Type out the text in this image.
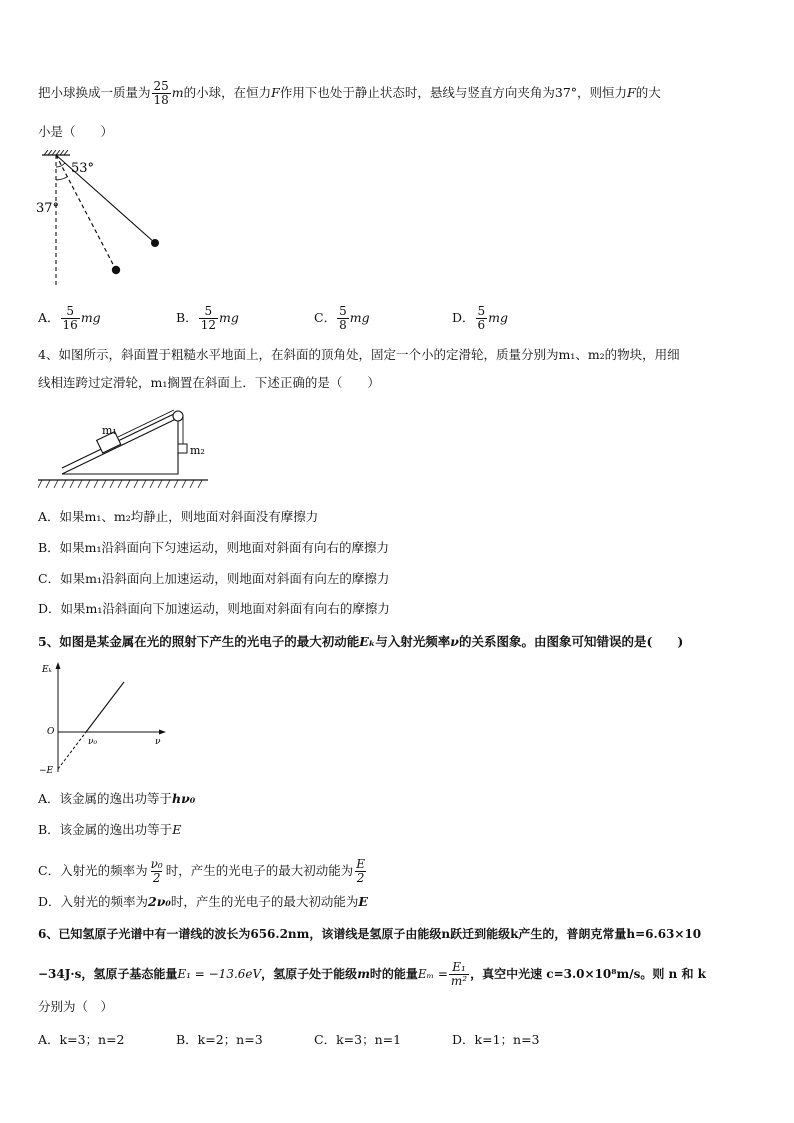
把小球换成一质量为 $\frac{25}{18}$ m的小球，在恒力F作用下也处于静止状态时，悬线与竖直方向夹角为37°，则恒力F的大
小是（　　）
53°
37°
A． $\frac{5}{16}$ mg	B． $\frac{5}{12}$ mg	C． $\frac{5}{8}$ mg	D． $\frac{5}{6}$ mg
4、如图所示，斜面置于粗糙水平地面上，在斜面的顶角处，固定一个小的定滑轮，质量分别为m₁、m₂的物块，用细
线相连跨过定滑轮，m₁搁置在斜面上．下述正确的是（　　）
m₁
m₂
A．如果m₁、m₂均静止，则地面对斜面没有摩擦力
B．如果m₁沿斜面向下匀速运动，则地面对斜面有向右的摩擦力
C．如果m₁沿斜面向上加速运动，则地面对斜面有向左的摩擦力
D．如果m₁沿斜面向下加速运动，则地面对斜面有向右的摩擦力
5、如图是某金属在光的照射下产生的光电子的最大初动能Eₖ与入射光频率ν的关系图象。由图象可知错误的是(　　)
Eₖ
O
ν₀	ν
−E
A．该金属的逸出功等于hν₀
B．该金属的逸出功等于E
C．入射光的频率为 $\frac{\text{ν₀}}{2}$ 时，产生的光电子的最大初动能为 $\frac{E}{2}$
D．入射光的频率为2ν₀时，产生的光电子的最大初动能为E
6、已知氢原子光谱中有一谱线的波长为656.2nm，该谱线是氢原子由能级n跃迁到能级k产生的，普朗克常量h=6.63×10
−34J·s，氢原子基态能量E₁ = −13.6eV，氢原子处于能级m时的能量$E_m = \frac{\text{E₁}}{\text{m²}}$ ，真空中光速 c=3.0×10⁸m/s。则 n 和 k
分别为（　）
A．k=3；n=2	B．k=2；n=3	C．k=3；n=1	D．k=1；n=3
